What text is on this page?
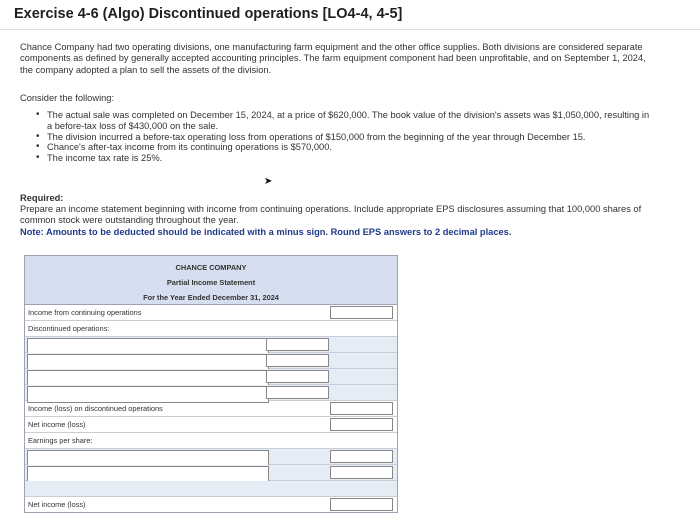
Exercise 4-6 (Algo) Discontinued operations [LO4-4, 4-5]
Chance Company had two operating divisions, one manufacturing farm equipment and the other office supplies. Both divisions are considered separate components as defined by generally accepted accounting principles. The farm equipment component had been unprofitable, and on September 1, 2024, the company adopted a plan to sell the assets of the division.
Consider the following:
• The actual sale was completed on December 15, 2024, at a price of $620,000. The book value of the division's assets was $1,050,000, resulting in a before-tax loss of $430,000 on the sale.
• The division incurred a before-tax operating loss from operations of $150,000 from the beginning of the year through December 15.
• Chance's after-tax income from its continuing operations is $570,000.
• The income tax rate is 25%.
➤
Required:
Prepare an income statement beginning with income from continuing operations. Include appropriate EPS disclosures assuming that 100,000 shares of common stock were outstanding throughout the year.
Note: Amounts to be deducted should be indicated with a minus sign. Round EPS answers to 2 decimal places.
CHANCE COMPANY
Partial Income Statement
For the Year Ended December 31, 2024
Income from continuing operations
Discontinued operations:
Income (loss) on discontinued operations
Net income (loss)
Earnings per share:
Net income (loss)
